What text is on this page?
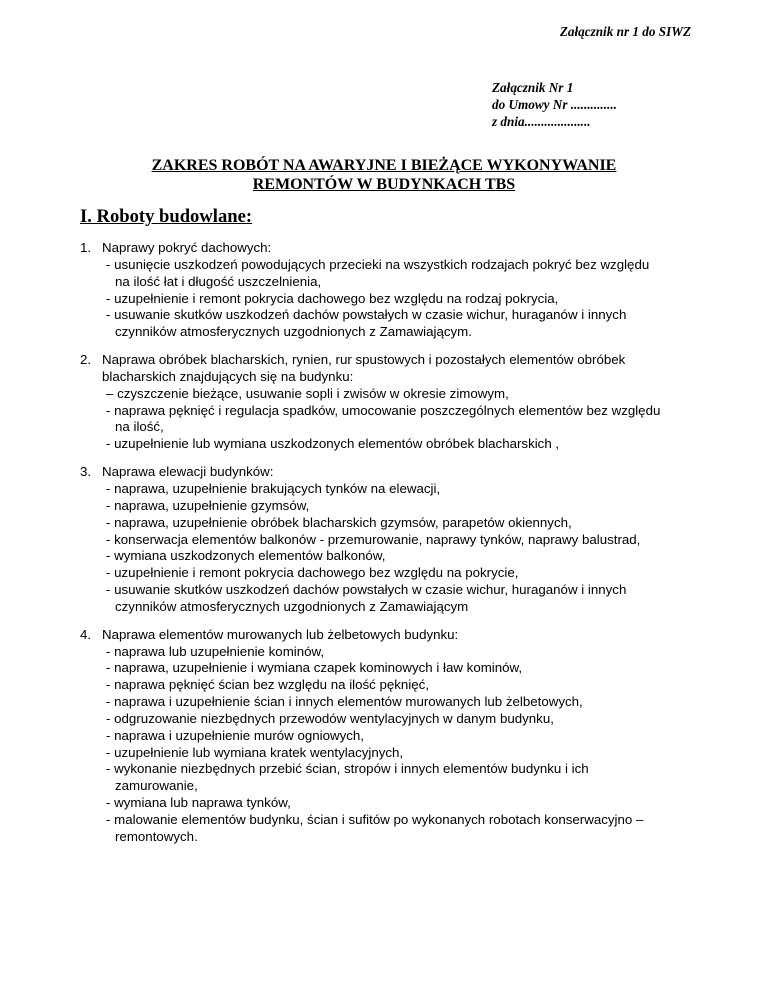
Załącznik nr 1 do SIWZ
Załącznik Nr 1
do Umowy Nr ..............
z dnia....................
ZAKRES ROBÓT NA AWARYJNE I BIEŻĄCE WYKONYWANIE
REMONTÓW W BUDYNKACH TBS
I. Roboty budowlane:
1. Naprawy pokryć dachowych:
- usunięcie uszkodzeń powodujących przecieki na wszystkich rodzajach pokryć bez względu
na ilość łat i długość uszczelnienia,
- uzupełnienie i remont pokrycia dachowego bez względu na rodzaj pokrycia,
- usuwanie skutków uszkodzeń dachów powstałych w czasie wichur, huraganów i innych
czynników atmosferycznych uzgodnionych z Zamawiającym.
2. Naprawa obróbek blacharskich, rynien, rur spustowych i pozostałych elementów obróbek
blacharskich znajdujących się na budynku:
– czyszczenie bieżące, usuwanie sopli i zwisów w okresie zimowym,
- naprawa pęknięć i regulacja spadków, umocowanie poszczególnych elementów bez względu
na ilość,
- uzupełnienie lub wymiana uszkodzonych elementów obróbek blacharskich ,
3. Naprawa elewacji budynków:
- naprawa, uzupełnienie brakujących tynków na elewacji,
- naprawa, uzupełnienie gzymsów,
- naprawa, uzupełnienie obróbek blacharskich gzymsów, parapetów okiennych,
- konserwacja elementów balkonów - przemurowanie, naprawy tynków, naprawy balustrad,
- wymiana uszkodzonych elementów balkonów,
- uzupełnienie i remont pokrycia dachowego bez względu na pokrycie,
- usuwanie skutków uszkodzeń dachów powstałych w czasie wichur, huraganów i innych
czynników atmosferycznych uzgodnionych z Zamawiającym
4. Naprawa elementów murowanych lub żelbetowych budynku:
- naprawa lub uzupełnienie kominów,
- naprawa, uzupełnienie i wymiana czapek kominowych i ław kominów,
- naprawa pęknięć ścian bez względu na ilość pęknięć,
- naprawa i uzupełnienie ścian i innych elementów murowanych lub żelbetowych,
- odgruzowanie niezbędnych przewodów wentylacyjnych w danym budynku,
- naprawa i uzupełnienie murów ogniowych,
- uzupełnienie lub wymiana kratek wentylacyjnych,
- wykonanie niezbędnych przebić ścian, stropów i innych elementów budynku i ich
zamurowanie,
- wymiana lub naprawa tynków,
- malowanie elementów budynku, ścian i sufitów po wykonanych robotach konserwacyjno –
remontowych.
